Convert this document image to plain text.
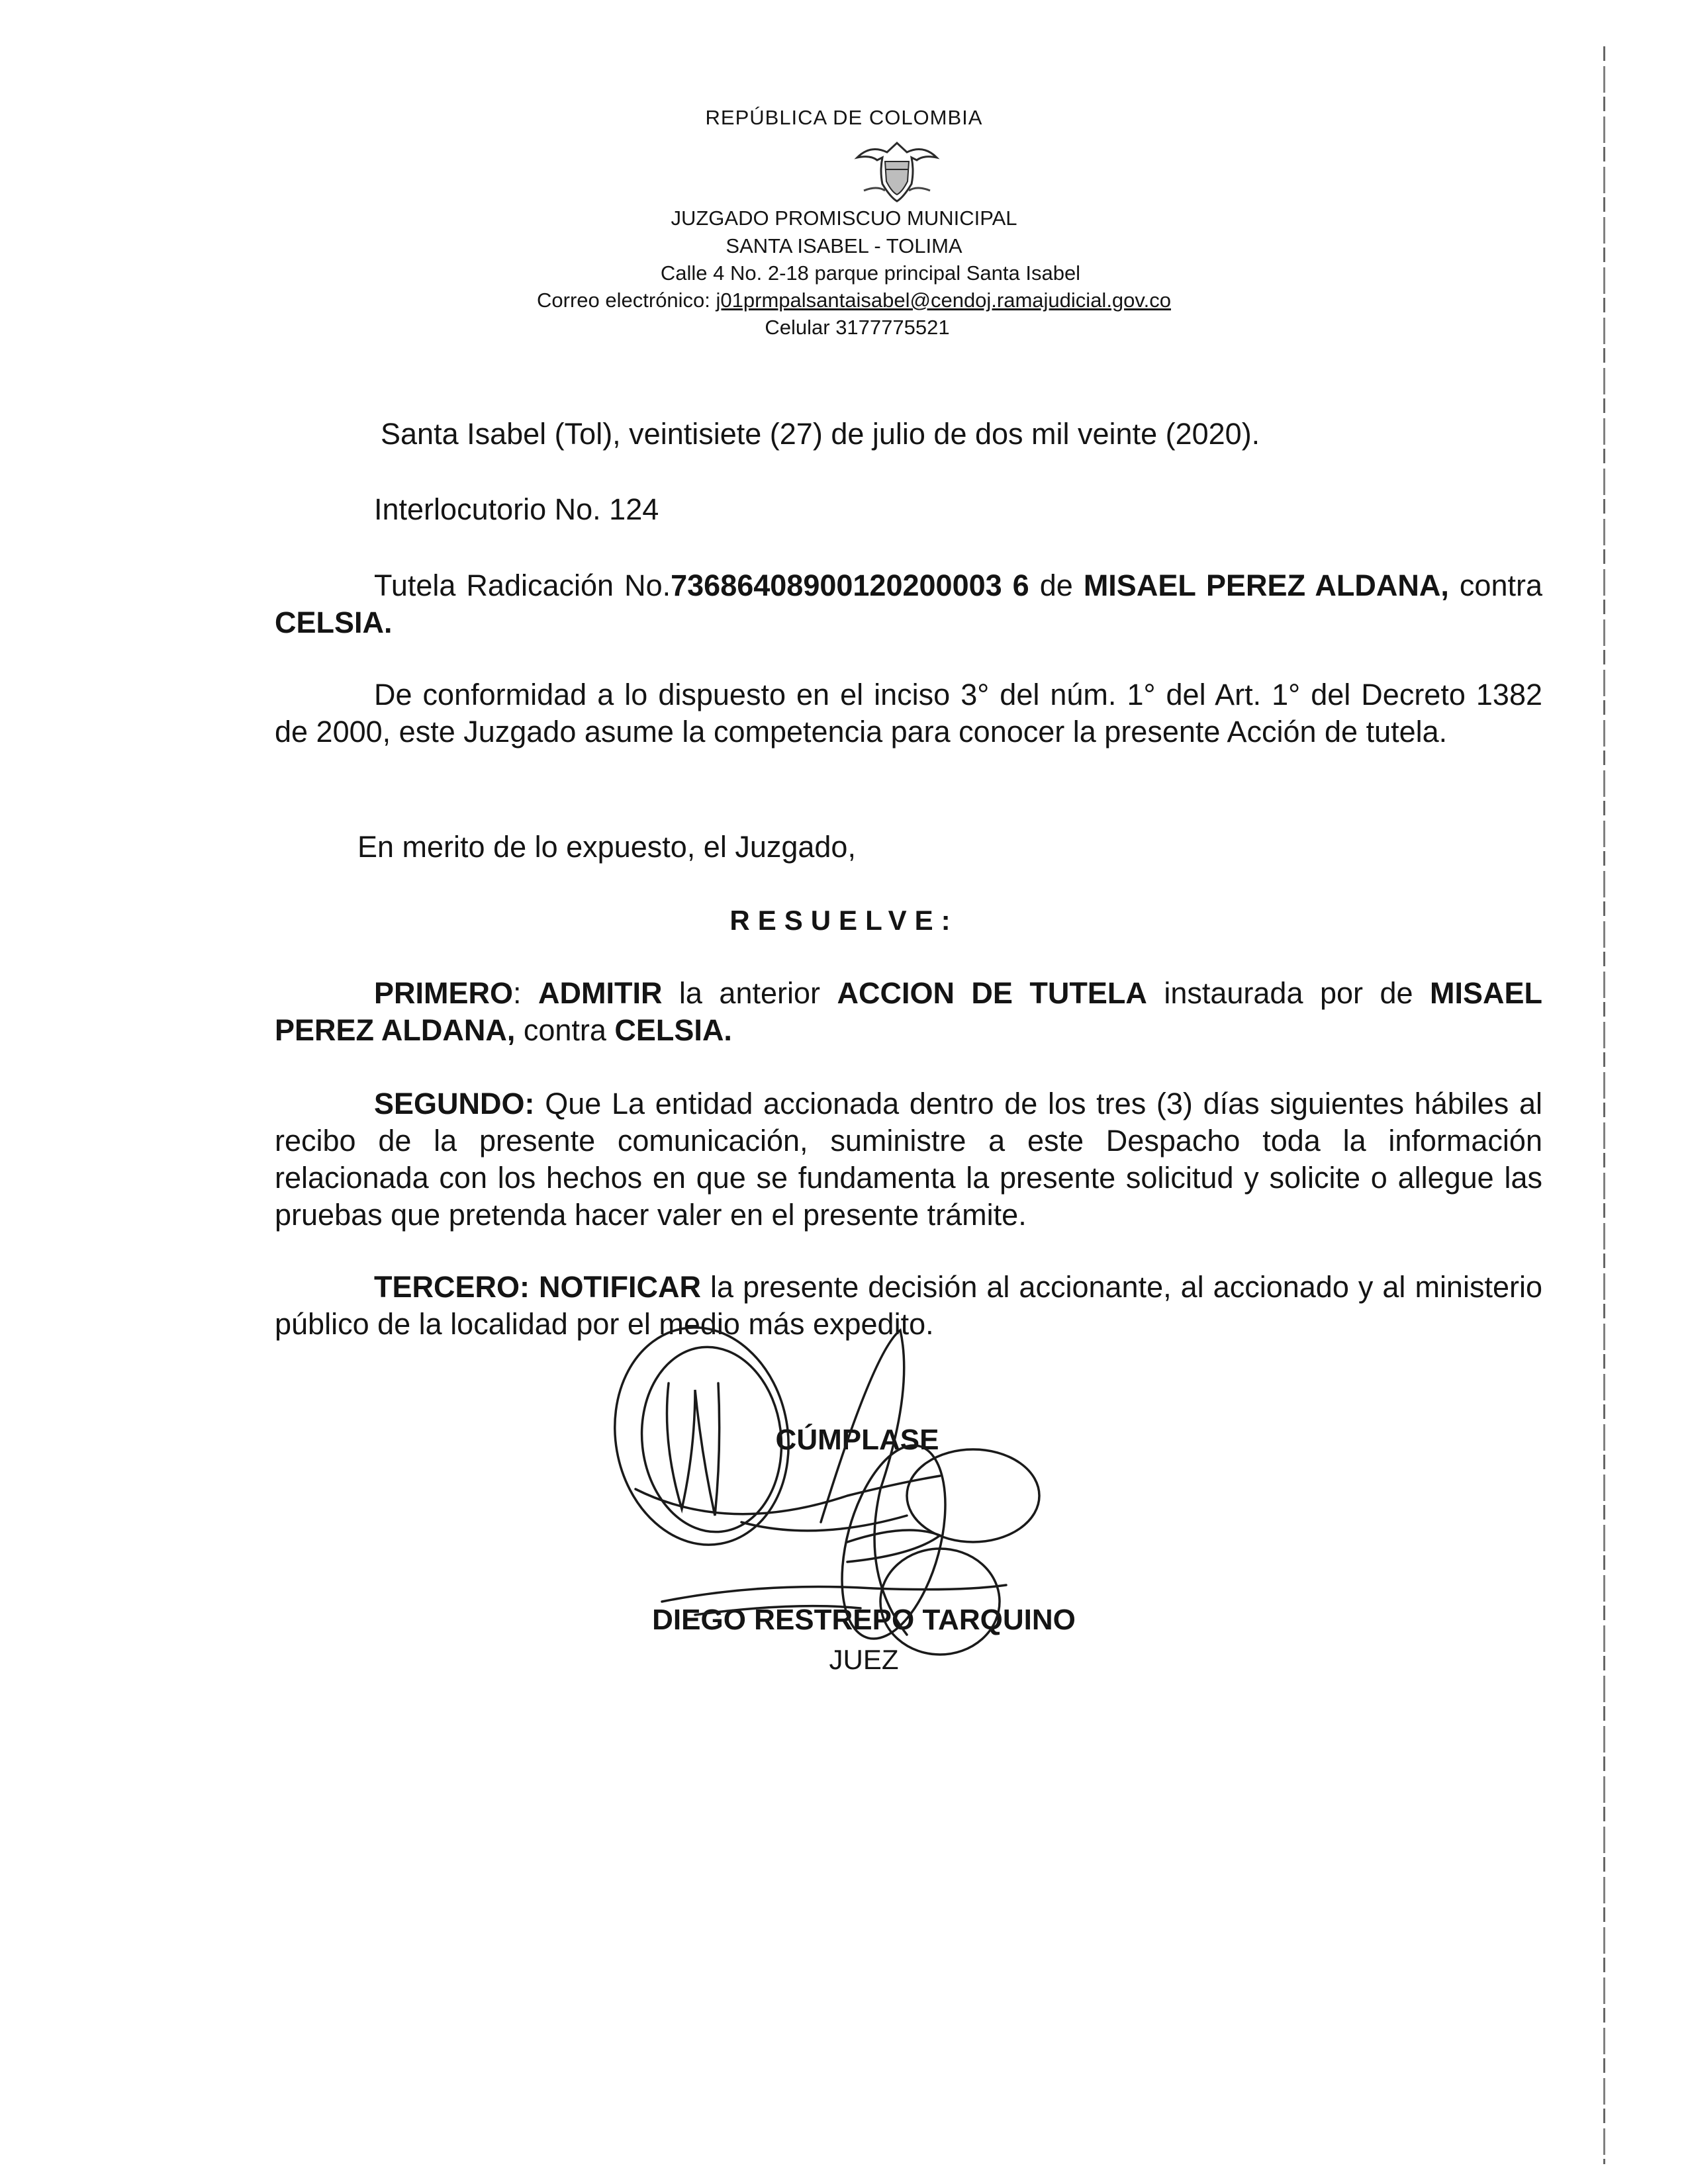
REPÚBLICA DE COLOMBIA
JUZGADO PROMISCUO MUNICIPAL
SANTA ISABEL - TOLIMA
Calle 4 No. 2-18 parque principal Santa Isabel
Correo electrónico: j01prmpalsantaisabel@cendoj.ramajudicial.gov.co
Celular 3177775521
Santa Isabel (Tol), veintisiete (27) de julio de dos mil veinte (2020).
Interlocutorio No. 124
Tutela Radicación No.73686408900120200003 6 de MISAEL PEREZ ALDANA, contra CELSIA.
De conformidad a lo dispuesto en el inciso 3° del núm. 1° del Art. 1° del Decreto 1382 de 2000, este Juzgado asume la competencia para conocer la presente Acción de tutela.
En merito de lo expuesto, el Juzgado,
RESUELVE:
PRIMERO: ADMITIR la anterior ACCION DE TUTELA instaurada por de MISAEL PEREZ ALDANA, contra CELSIA.
SEGUNDO: Que La entidad accionada dentro de los tres (3) días siguientes hábiles al recibo de la presente comunicación, suministre a este Despacho toda la información relacionada con los hechos en que se fundamenta la presente solicitud y solicite o allegue las pruebas que pretenda hacer valer en el presente trámite.
TERCERO: NOTIFICAR la presente decisión al accionante, al accionado y al ministerio público de la localidad por el medio más expedito.
CÚMPLASE
DIEGO RESTREPO TARQUINO
JUEZ
